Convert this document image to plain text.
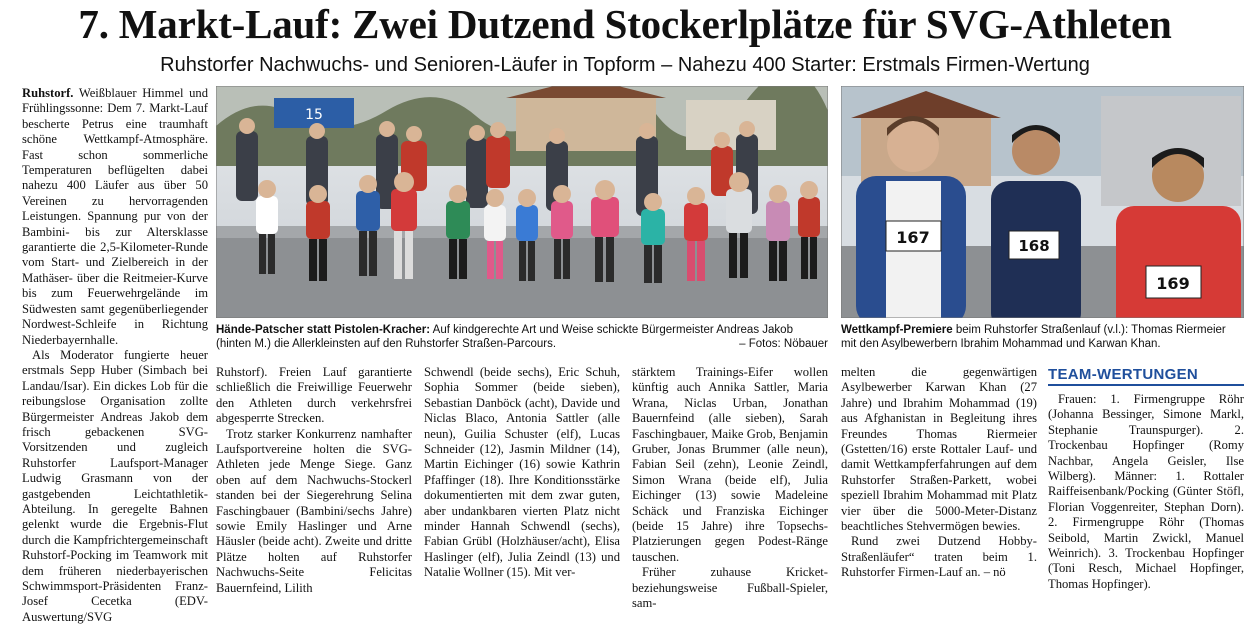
7. Markt-Lauf: Zwei Dutzend Stockerlplätze für SVG-Athleten
Ruhstorfer Nachwuchs- und Senioren-Läufer in Topform – Nahezu 400 Starter: Erstmals Firmen-Wertung

Ruhstorf. Weißblauer Himmel und Frühlingssonne: Dem 7. Markt-Lauf bescherte Petrus eine traumhaft schöne Wettkampf-Atmosphäre. Fast schon sommerliche Temperaturen beflügelten dabei nahezu 400 Läufer aus über 50 Vereinen zu hervorragenden Leistungen. Spannung pur von der Bambini- bis zur Altersklasse garantierte die 2,5-Kilometer-Runde vom Start- und Zielbereich in der Mathäser- über die Reitmeier-Kurve bis zum Feuerwehrgelände im Südwesten samt gegenüberliegender Nordwest-Schleife in Richtung Niederbayernhalle.

Als Moderator fungierte heuer erstmals Sepp Huber (Simbach bei Landau/Isar). Ein dickes Lob für die reibungslose Organisation zollte Bürgermeister Andreas Jakob dem frisch gebackenen SVG-Vorsitzenden und zugleich Ruhstorfer Laufsport-Manager Ludwig Grasmann von der gastgebenden Leichtathletik-Abteilung. In geregelte Bahnen gelenkt wurde die Ergebnis-Flut durch die Kampfrichtergemeinschaft Ruhstorf-Pocking im Teamwork mit dem früheren niederbayerischen Schwimmsport-Präsidenten Franz-Josef Cecetka (EDV-Auswertung/SVG

15
Hände-Patscher statt Pistolen-Kracher: Auf kindgerechte Art und Weise schickte Bürgermeister Andreas Jakob (hinten M.) die Allerkleinsten auf den Ruhstorfer Straßen-Parcours.	– Fotos: Nöbauer
167	168
169
Wettkampf-Premiere beim Ruhstorfer Straßenlauf (v.l.): Thomas Riermeier mit den Asylbewerbern Ibrahim Mohammad und Karwan Khan.

Ruhstorf). Freien Lauf garantierte schließlich die Freiwillige Feuerwehr den Athleten durch verkehrsfrei abgesperrte Strecken.

Trotz starker Konkurrenz namhafter Laufsportvereine holten die SVG-Athleten jede Menge Siege. Ganz oben auf dem Nachwuchs-Stockerl standen bei der Siegerehrung Selina Faschingbauer (Bambini/sechs Jahre) sowie Emily Haslinger und Arne Häusler (beide acht). Zweite und dritte Plätze holten auf Ruhstorfer Nachwuchs-Seite Felicitas Bauernfeind, Lilith

Schwendl (beide sechs), Eric Schuh, Sophia Sommer (beide sieben), Sebastian Danböck (acht), Davide und Niclas Blaco, Antonia Sattler (alle neun), Guilia Schuster (elf), Lucas Schneider (12), Jasmin Mildner (14), Martin Eichinger (16) sowie Kathrin Pfaffinger (18). Ihre Konditionsstärke dokumentierten mit dem zwar guten, aber undankbaren vierten Platz nicht minder Hannah Schwendl (sechs), Fabian Grübl (Holzhäuser/acht), Elisa Haslinger (elf), Julia Zeindl (13) und Natalie Wollner (15). Mit ver-

stärktem Trainings-Eifer wollen künftig auch Annika Sattler, Maria Wrana, Niclas Urban, Jonathan Bauernfeind (alle sieben), Sarah Faschingbauer, Maike Grob, Benjamin Gruber, Jonas Brummer (alle neun), Fabian Seil (zehn), Leonie Zeindl, Simon Wrana (beide elf), Julia Eichinger (13) sowie Madeleine Schäck und Franziska Eichinger (beide 15 Jahre) ihre Topsechs-Platzierungen gegen Podest-Ränge tauschen.

Früher zuhause Kricket- beziehungsweise Fußball-Spieler, sam-

melten die gegenwärtigen Asylbewerber Karwan Khan (27 Jahre) und Ibrahim Mohammad (19) aus Afghanistan in Begleitung ihres Freundes Thomas Riermeier (Gstetten/16) erste Rottaler Lauf- und damit Wettkampferfahrungen auf dem Ruhstorfer Straßen-Parkett, wobei speziell Ibrahim Mohammad mit Platz vier über die 5000-Meter-Distanz beachtliches Stehvermögen bewies.

Rund zwei Dutzend Hobby-Straßenläufer“ traten beim 1. Ruhstorfer Firmen-Lauf an. – nö

TEAM-WERTUNGEN

Frauen: 1. Firmengruppe Röhr (Johanna Bessinger, Simone Markl, Stephanie Traunspurger). 2. Trockenbau Hopfinger (Romy Nachbar, Angela Geisler, Ilse Wilberg). Männer: 1. Rottaler Raiffeisenbank/Pocking (Günter Stöfl, Florian Voggenreiter, Stephan Dorn). 2. Firmengruppe Röhr (Thomas Seibold, Martin Zwickl, Manuel Weinrich). 3. Trockenbau Hopfinger (Toni Resch, Michael Hopfinger, Thomas Hopfinger).
